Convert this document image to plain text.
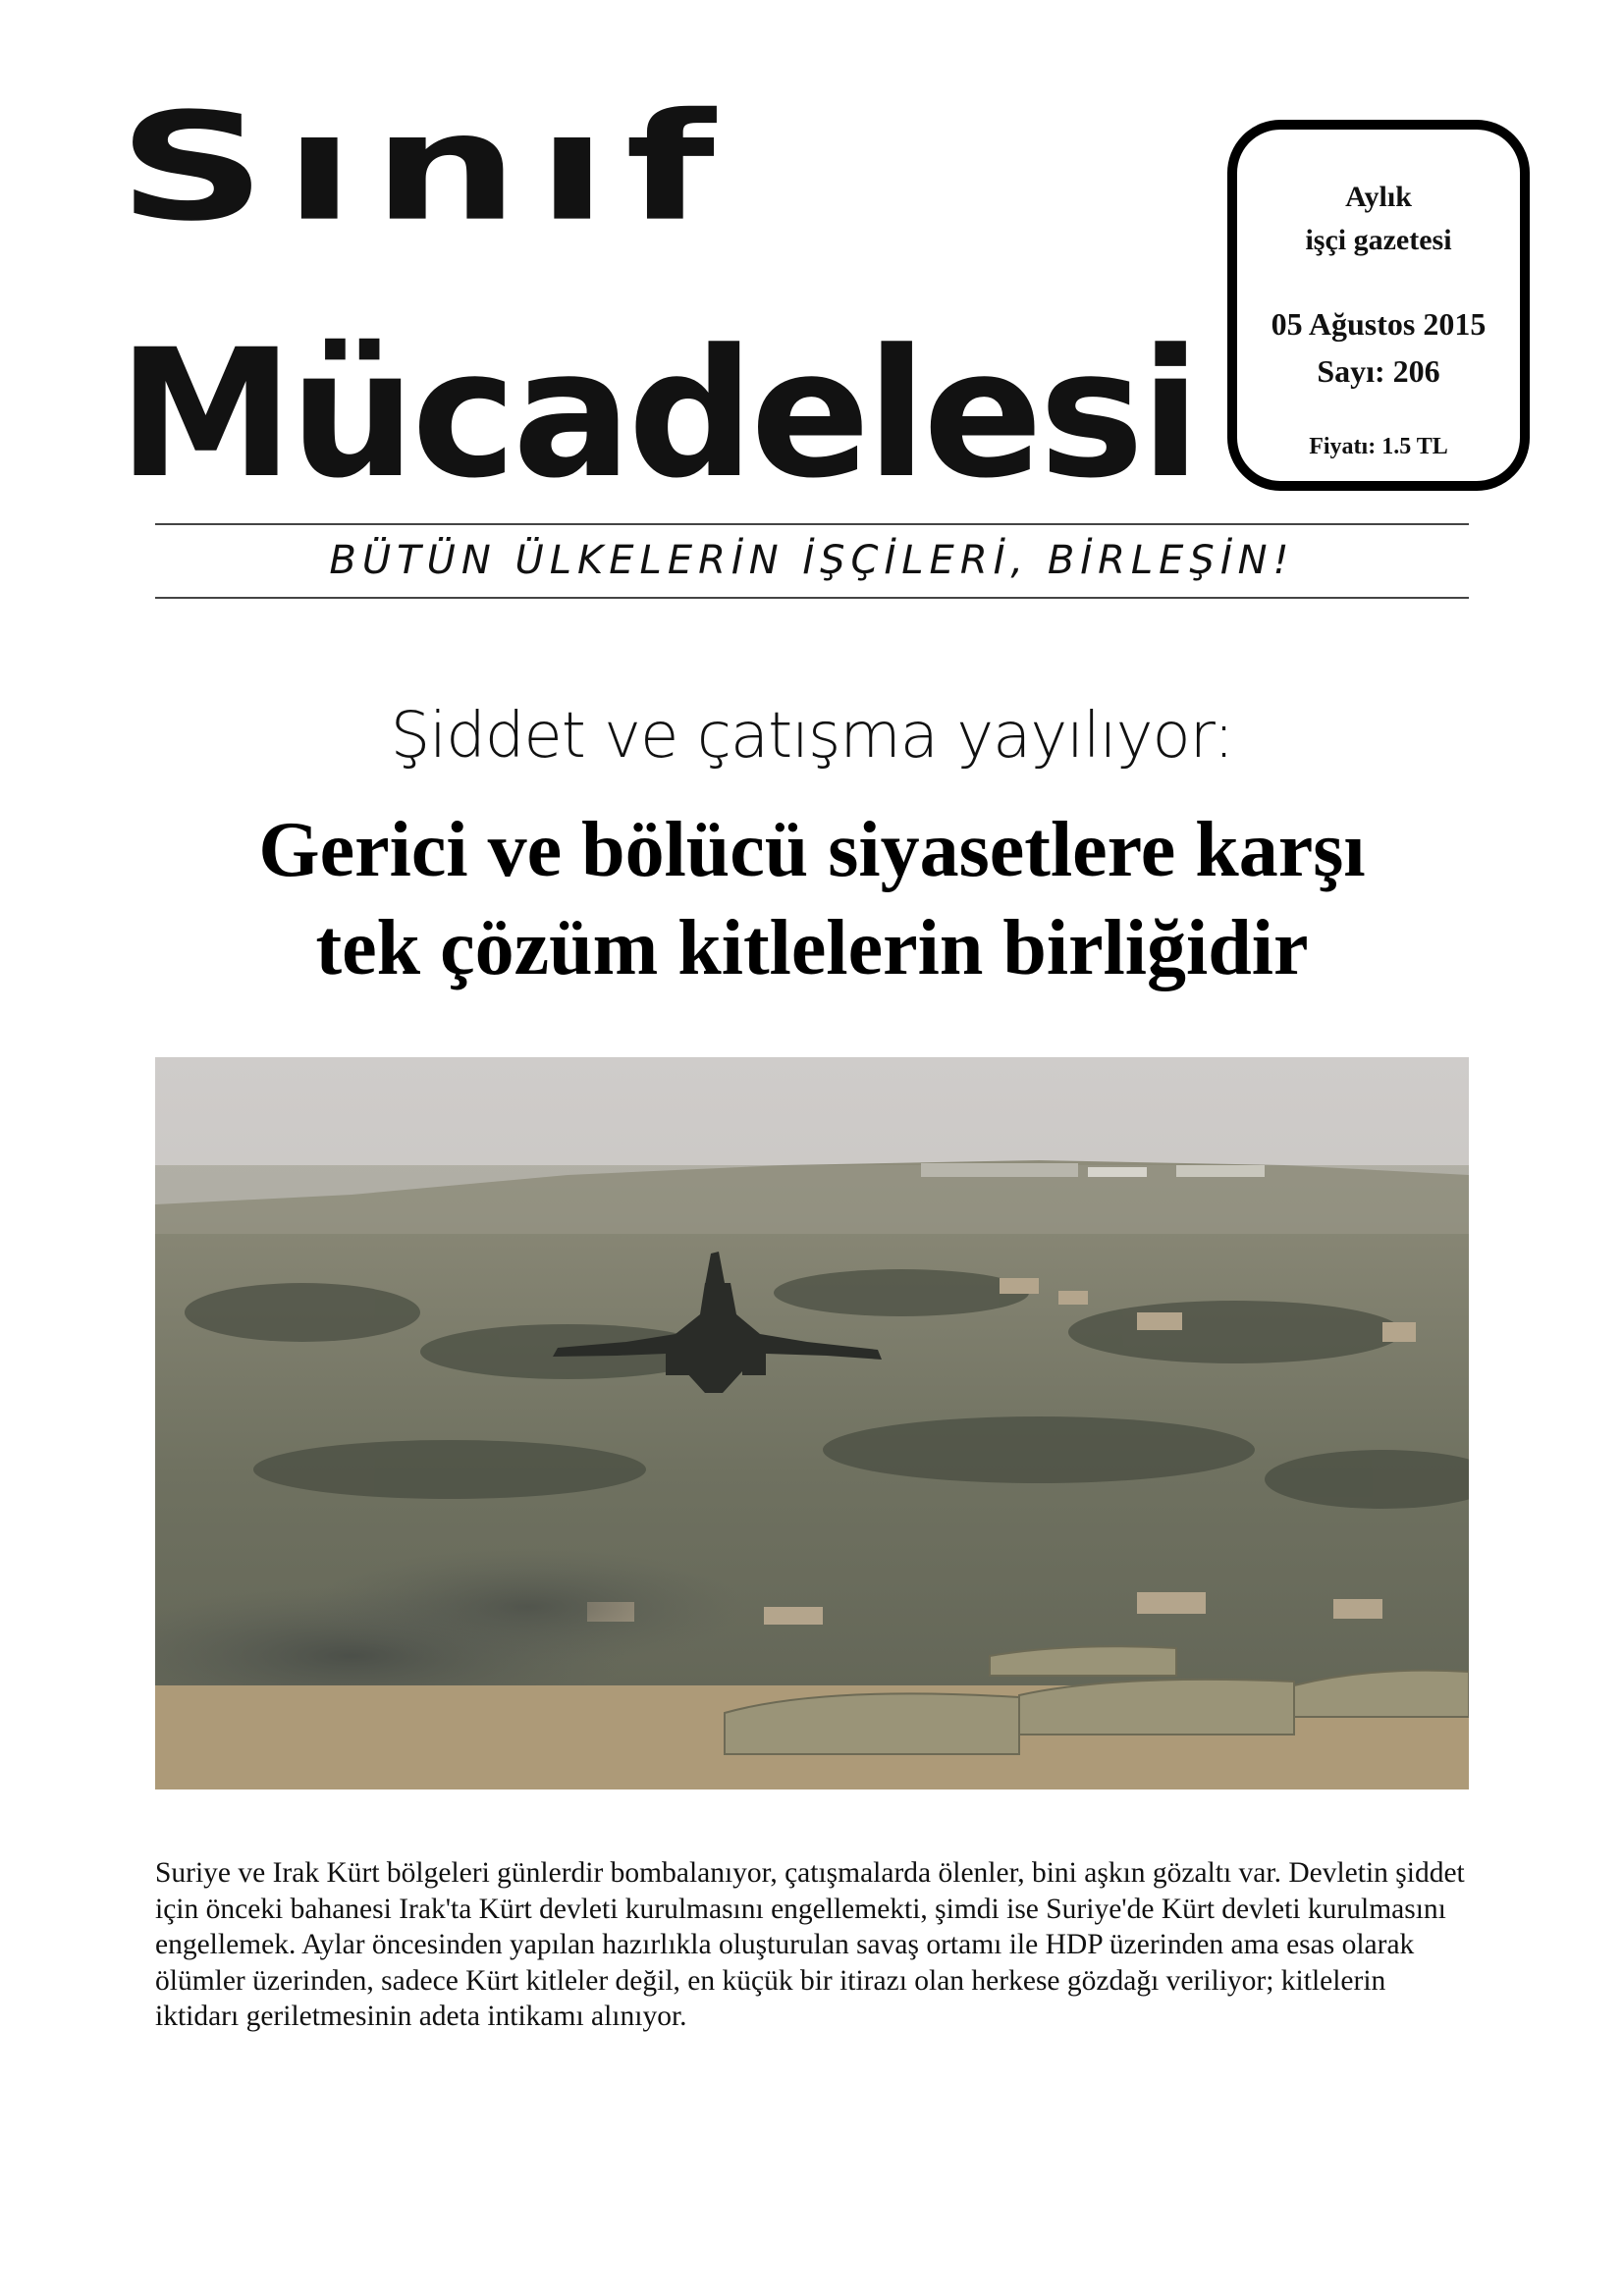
Sınıf
Mücadelesi
Aylık
işçi gazetesi
05 Ağustos 2015
Sayı: 206
Fiyatı: 1.5 TL
BÜTÜN ÜLKELERİN İŞÇİLERİ, BİRLEŞİN!
Şiddet ve çatışma yayılıyor:
Gerici ve bölücü siyasetlere karşı
tek çözüm kitlelerin birliğidir

Suriye ve Irak Kürt bölgeleri günlerdir bombalanıyor, çatışmalarda ölenler, bini aşkın gözaltı var. Devletin şiddet için önceki bahanesi Irak'ta Kürt devleti kurulmasını engellemekti, şimdi ise Suriye'de Kürt devleti kurulmasını engellemek. Aylar öncesinden yapılan hazırlıkla oluşturulan savaş ortamı ile HDP üzerinden ama esas olarak ölümler üzerinden, sadece Kürt kitleler değil, en küçük bir itirazı olan herkese gözdağı veriliyor; kitlelerin iktidarı geriletmesinin adeta intikamı alınıyor.
